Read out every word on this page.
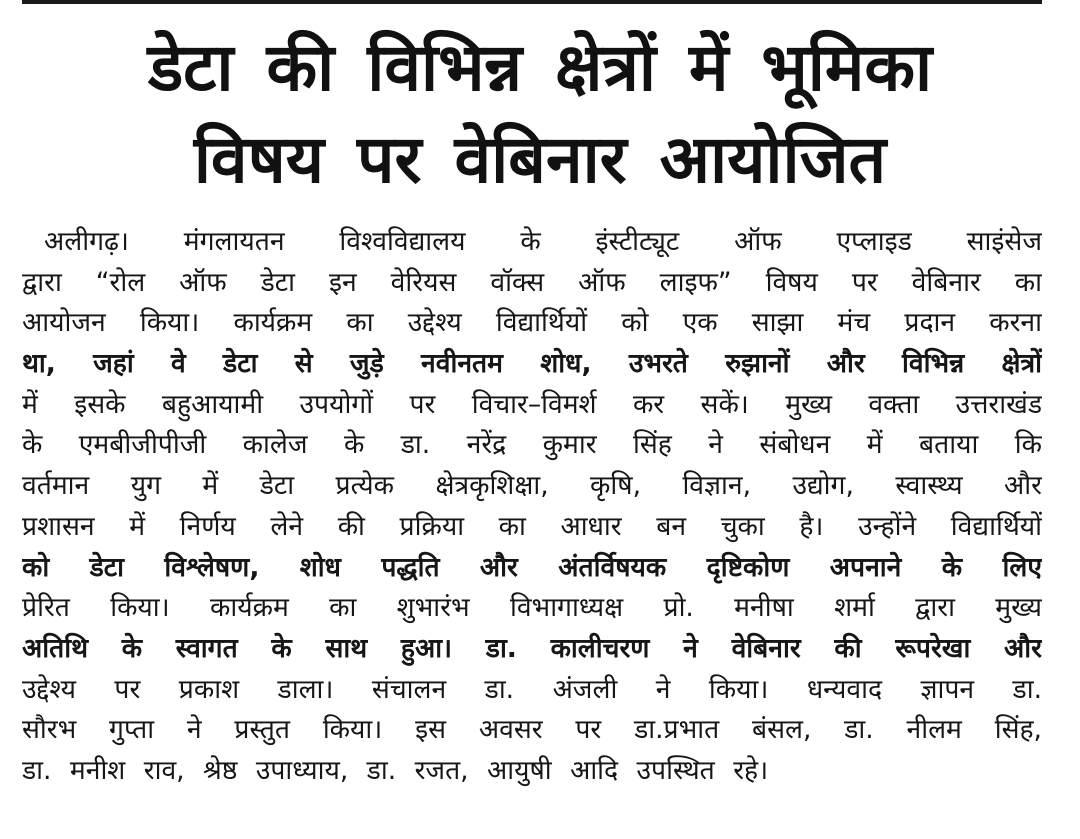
डेटा की विभिन्न क्षेत्रों में भूमिका
विषय पर वेबिनार आयोजित
अलीगढ़। मंगलायतन विश्वविद्यालय के इंस्टीट्यूट ऑफ एप्लाइड साइंसेज
द्वारा “रोल ऑफ डेटा इन वेरियस वॉक्स ऑफ लाइफ” विषय पर वेबिनार का
आयोजन किया। कार्यक्रम का उद्देश्य विद्यार्थियों को एक साझा मंच प्रदान करना
था, जहां वे डेटा से जुड़े नवीनतम शोध, उभरते रुझानों और विभिन्न क्षेत्रों
में इसके बहुआयामी उपयोगों पर विचार–विमर्श कर सकें। मुख्य वक्ता उत्तराखंड
के एमबीजीपीजी कालेज के डा. नरेंद्र कुमार सिंह ने संबोधन में बताया कि
वर्तमान युग में डेटा प्रत्येक क्षेत्रकृशिक्षा, कृषि, विज्ञान, उद्योग, स्वास्थ्य और
प्रशासन में निर्णय लेने की प्रक्रिया का आधार बन चुका है। उन्होंने विद्यार्थियों
को डेटा विश्लेषण, शोध पद्धति और अंतर्विषयक दृष्टिकोण अपनाने के लिए
प्रेरित किया। कार्यक्रम का शुभारंभ विभागाध्यक्ष प्रो. मनीषा शर्मा द्वारा मुख्य
अतिथि के स्वागत के साथ हुआ। डा. कालीचरण ने वेबिनार की रूपरेखा और
उद्देश्य पर प्रकाश डाला। संचालन डा. अंजली ने किया। धन्यवाद ज्ञापन डा.
सौरभ गुप्ता ने प्रस्तुत किया। इस अवसर पर डा.प्रभात बंसल, डा. नीलम सिंह,
डा. मनीश राव, श्रेष्ठ उपाध्याय, डा. रजत, आयुषी आदि उपस्थित रहे।
